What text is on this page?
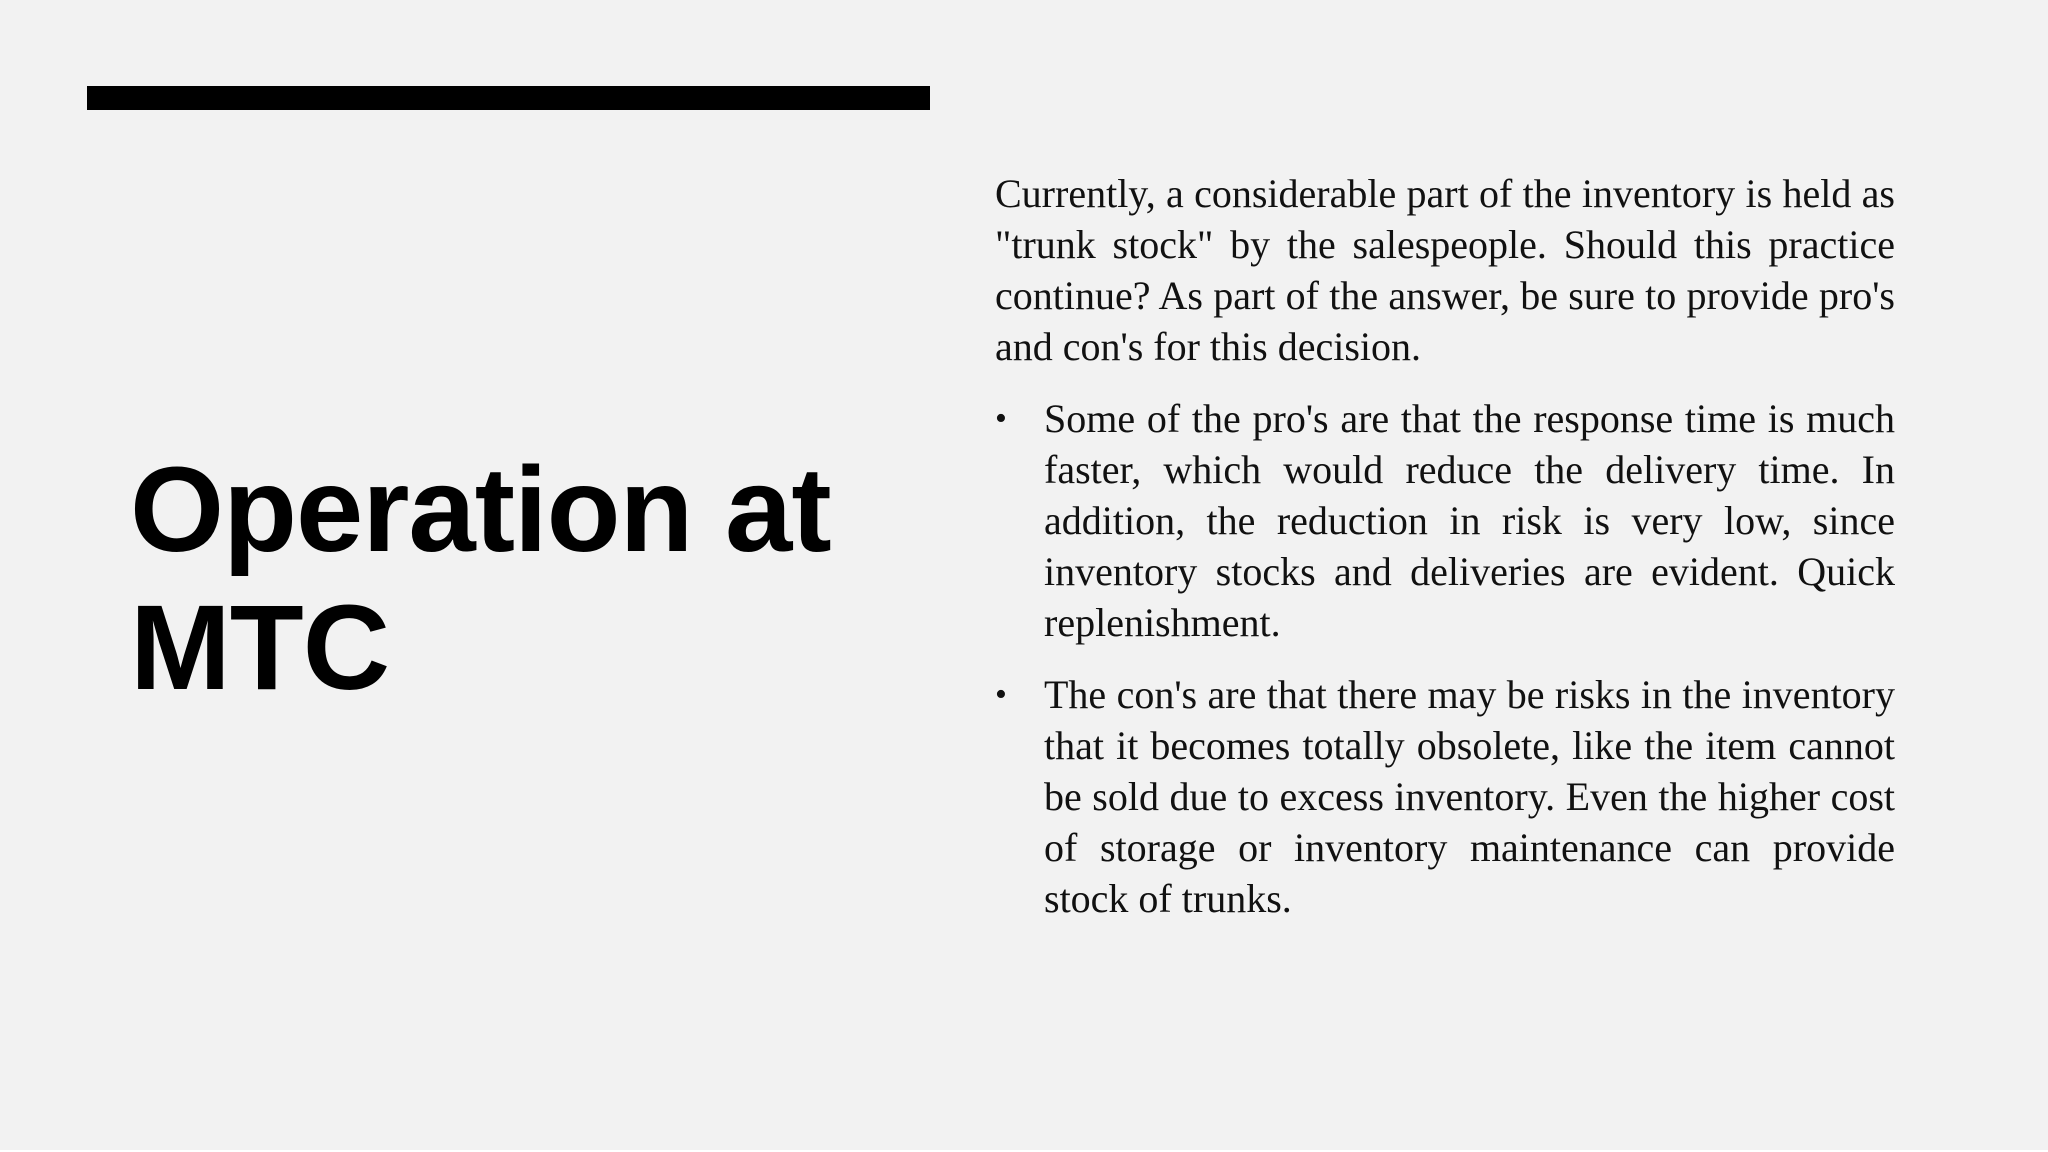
Operation at
MTC

Currently, a considerable part of the inventory is held as "trunk stock" by the salespeople. Should this practice continue? As part of the answer, be sure to provide pro's and con's for this decision.

• Some of the pro's are that the response time is much faster, which would reduce the delivery time. In addition, the reduction in risk is very low, since inventory stocks and deliveries are evident. Quick replenishment.
• The con's are that there may be risks in the inventory that it becomes totally obsolete, like the item cannot be sold due to excess inventory. Even the higher cost of storage or inventory maintenance can provide stock of trunks.
